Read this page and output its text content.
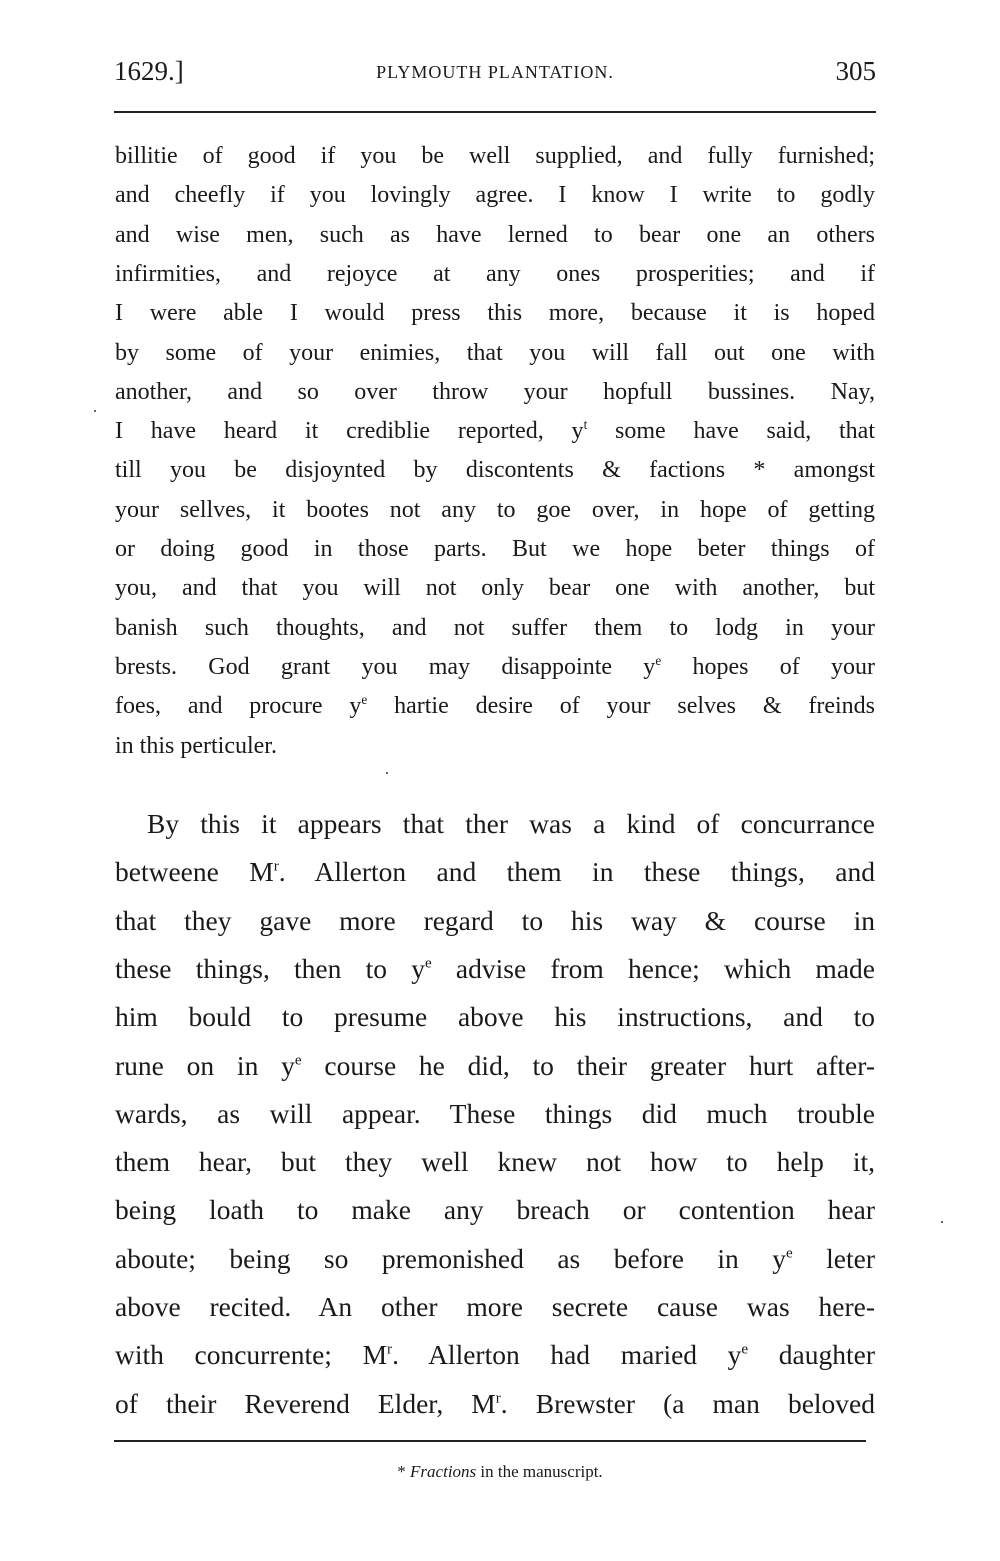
1629.]	PLYMOUTH PLANTATION.	305
billitie of good if you be well supplied, and fully furnished;
and cheefly if you lovingly agree. I know I write to godly
and wise men, such as have lerned to bear one an others
infirmities, and rejoyce at any ones prosperities; and if
I were able I would press this more, because it is hoped
by some of your enimies, that you will fall out one with
another, and so over throw your hopfull bussines. Nay,
I have heard it crediblie reported, $y^t$ some have said, that
till you be disjoynted by discontents & factions * amongst
your sellves, it bootes not any to goe over, in hope of getting
or doing good in those parts. But we hope beter things of
you, and that you will not only bear one with another, but
banish such thoughts, and not suffer them to lodg in your
brests. God grant you may disappointe $y^e$ hopes of your
foes, and procure $y^e$ hartie desire of your selves & freinds
in this perticuler.
By this it appears that ther was a kind of concurrance
betweene $M^r$. Allerton and them in these things, and
that they gave more regard to his way & course in
these things, then to $y^e$ advise from hence; which made
him bould to presume above his instructions, and to
rune on in $y^e$ course he did, to their greater hurt after-
wards, as will appear. These things did much trouble
them hear, but they well knew not how to help it,
being loath to make any breach or contention hear
aboute; being so premonished as before in $y^e$ leter
above recited. An other more secrete cause was here-
with concurrente; $M^r$. Allerton had maried $y^e$ daughter
of their Reverend Elder, $M^r$. Brewster (a man beloved
* Fractions in the manuscript.
